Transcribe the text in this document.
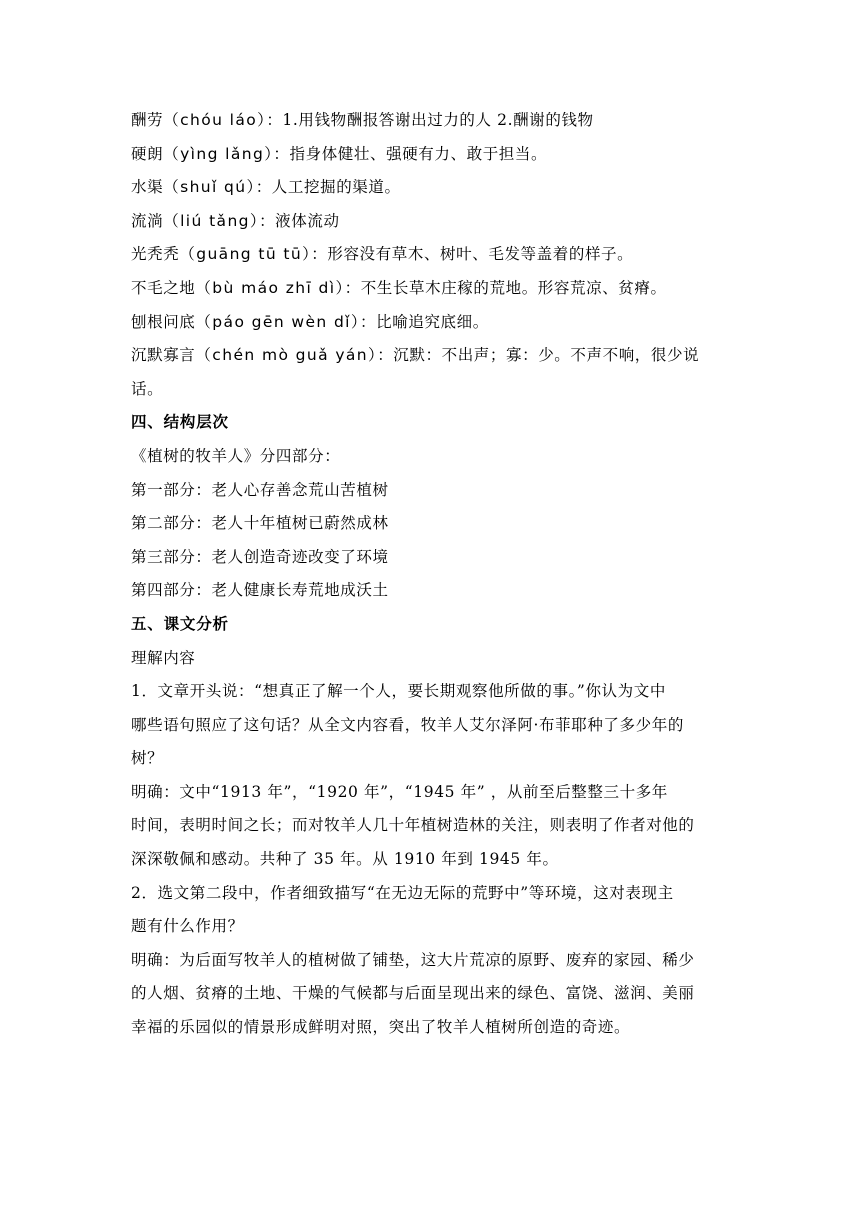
酬劳（chóu láo）：1.用钱物酬报答谢出过力的人 2.酬谢的钱物
硬朗（yìng lǎng）：指身体健壮、强硬有力、敢于担当。
水渠（shuǐ qú）：人工挖掘的渠道。
流淌（liú tǎng）：液体流动
光秃秃（guāng tū tū）：形容没有草木、树叶、毛发等盖着的样子。
不毛之地（bù máo zhī dì）：不生长草木庄稼的荒地。形容荒凉、贫瘠。
刨根问底（páo gēn wèn dǐ）：比喻追究底细。
沉默寡言（chén mò guǎ yán）：沉默：不出声；寡：少。不声不响，很少说
话。
四、结构层次
《植树的牧羊人》分四部分：
第一部分：老人心存善念荒山苦植树
第二部分：老人十年植树已蔚然成林
第三部分：老人创造奇迹改变了环境
第四部分：老人健康长寿荒地成沃土
五、课文分析
理解内容
1．文章开头说：“想真正了解一个人，要长期观察他所做的事。”你认为文中
哪些语句照应了这句话？从全文内容看，牧羊人艾尔泽阿·布菲耶种了多少年的
树？
明确：文中“1913 年”，“1920 年”，“1945 年” ，从前至后整整三十多年
时间，表明时间之长；而对牧羊人几十年植树造林的关注，则表明了作者对他的
深深敬佩和感动。共种了 35 年。从 1910 年到 1945 年。
2．选文第二段中，作者细致描写“在无边无际的荒野中”等环境，这对表现主
题有什么作用？
明确：为后面写牧羊人的植树做了铺垫，这大片荒凉的原野、废弃的家园、稀少
的人烟、贫瘠的土地、干燥的气候都与后面呈现出来的绿色、富饶、滋润、美丽
幸福的乐园似的情景形成鲜明对照，突出了牧羊人植树所创造的奇迹。
